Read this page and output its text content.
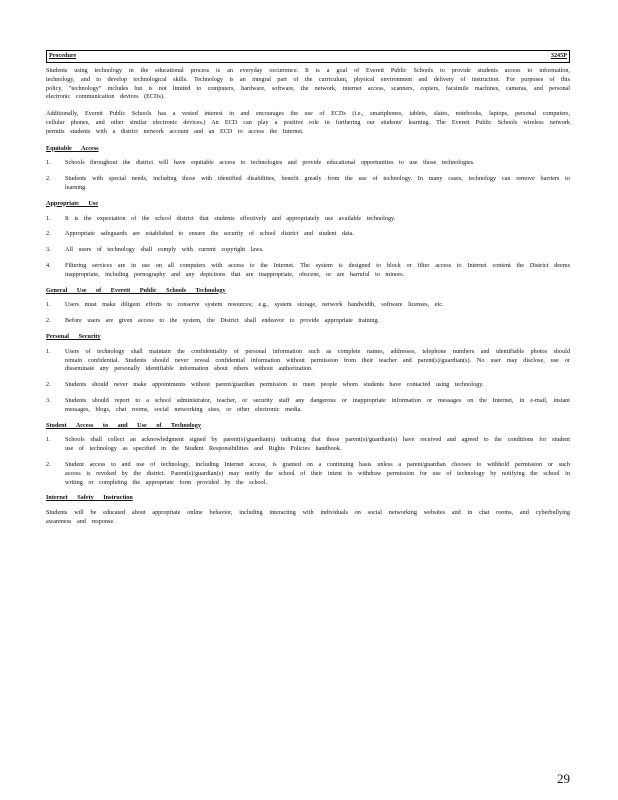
Procedure	3245P

Students using technology in the educational process is an everyday occurrence. It is a goal of Everett Public Schools to provide students access to information, technology, and to develop technological skills. Technology is an integral part of the curriculum, physical environment and delivery of instruction. For purposes of this policy, "technology" includes but is not limited to computers, hardware, software, the network, internet access, scanners, copiers, facsimile machines, cameras, and personal electronic communication devices (ECDs).

Additionally, Everett Public Schools has a vested interest in and encourages the use of ECDs (i.e., smartphones, tablets, slates, notebooks, laptops, personal computers, cellular phones, and other similar electronic devices.) An ECD can play a positive role in furthering our students' learning. The Everett Public Schools wireless network permits students with a district network account and an ECD to access the Internet.

Equitable Access
1.	Schools throughout the district will have equitable access to technologies and provide educational opportunities to use those technologies.
2.	Students with special needs, including those with identified disabilities, benefit greatly from the use of technology. In many cases, technology can remove barriers to learning.
Appropriate Use
1.	It is the expectation of the school district that students effectively and appropriately use available technology.
2.	Appropriate safeguards are established to ensure the security of school district and student data.
3.	All users of technology shall comply with current copyright laws.
4.	Filtering services are in use on all computers with access to the Internet. The system is designed to block or filter access to Internet content the District deems inappropriate, including pornography and any depictions that are inappropriate, obscene, or are harmful to minors.
General Use of Everett Public Schools Technology
1.	Users must make diligent efforts to conserve system resources; e.g., system storage, network bandwidth, software licenses, etc.
2.	Before users are given access to the system, the District shall endeavor to provide appropriate training.
Personal Security
1.	Users of technology shall maintain the confidentiality of personal information such as complete names, addresses, telephone numbers and identifiable photos should remain confidential. Students should never reveal confidential information without permission from their teacher and parent(s)/guardian(s). No user may disclose, use or disseminate any personally identifiable information about others without authorization.
2.	Students should never make appointments without parent/guardian permission to meet people whom students have contacted using technology.
3.	Students should report to a school administrator, teacher, or security staff any dangerous or inappropriate information or messages on the Internet, in e-mail, instant messages, blogs, chat rooms, social networking sites, or other electronic media.
Student Access to and Use of Technology
1.	Schools shall collect an acknowledgment signed by parent(s)/guardian(s) indicating that those parent(s)/guardian(s) have received and agreed to the conditions for student use of technology as specified in the Student Responsibilities and Rights Policies handbook.
2.	Student access to and use of technology, including Internet access, is granted on a continuing basis unless a parent/guardian chooses to withhold permission or such access is revoked by the district. Parent(s)/guardian(s) may notify the school of their intent to withdraw permission for use of technology by notifying the school in writing or completing the appropriate form provided by the school.
Internet Safety Instruction

Students will be educated about appropriate online behavior, including interacting with individuals on social networking websites and in chat rooms, and cyberbullying awareness and response.

29
